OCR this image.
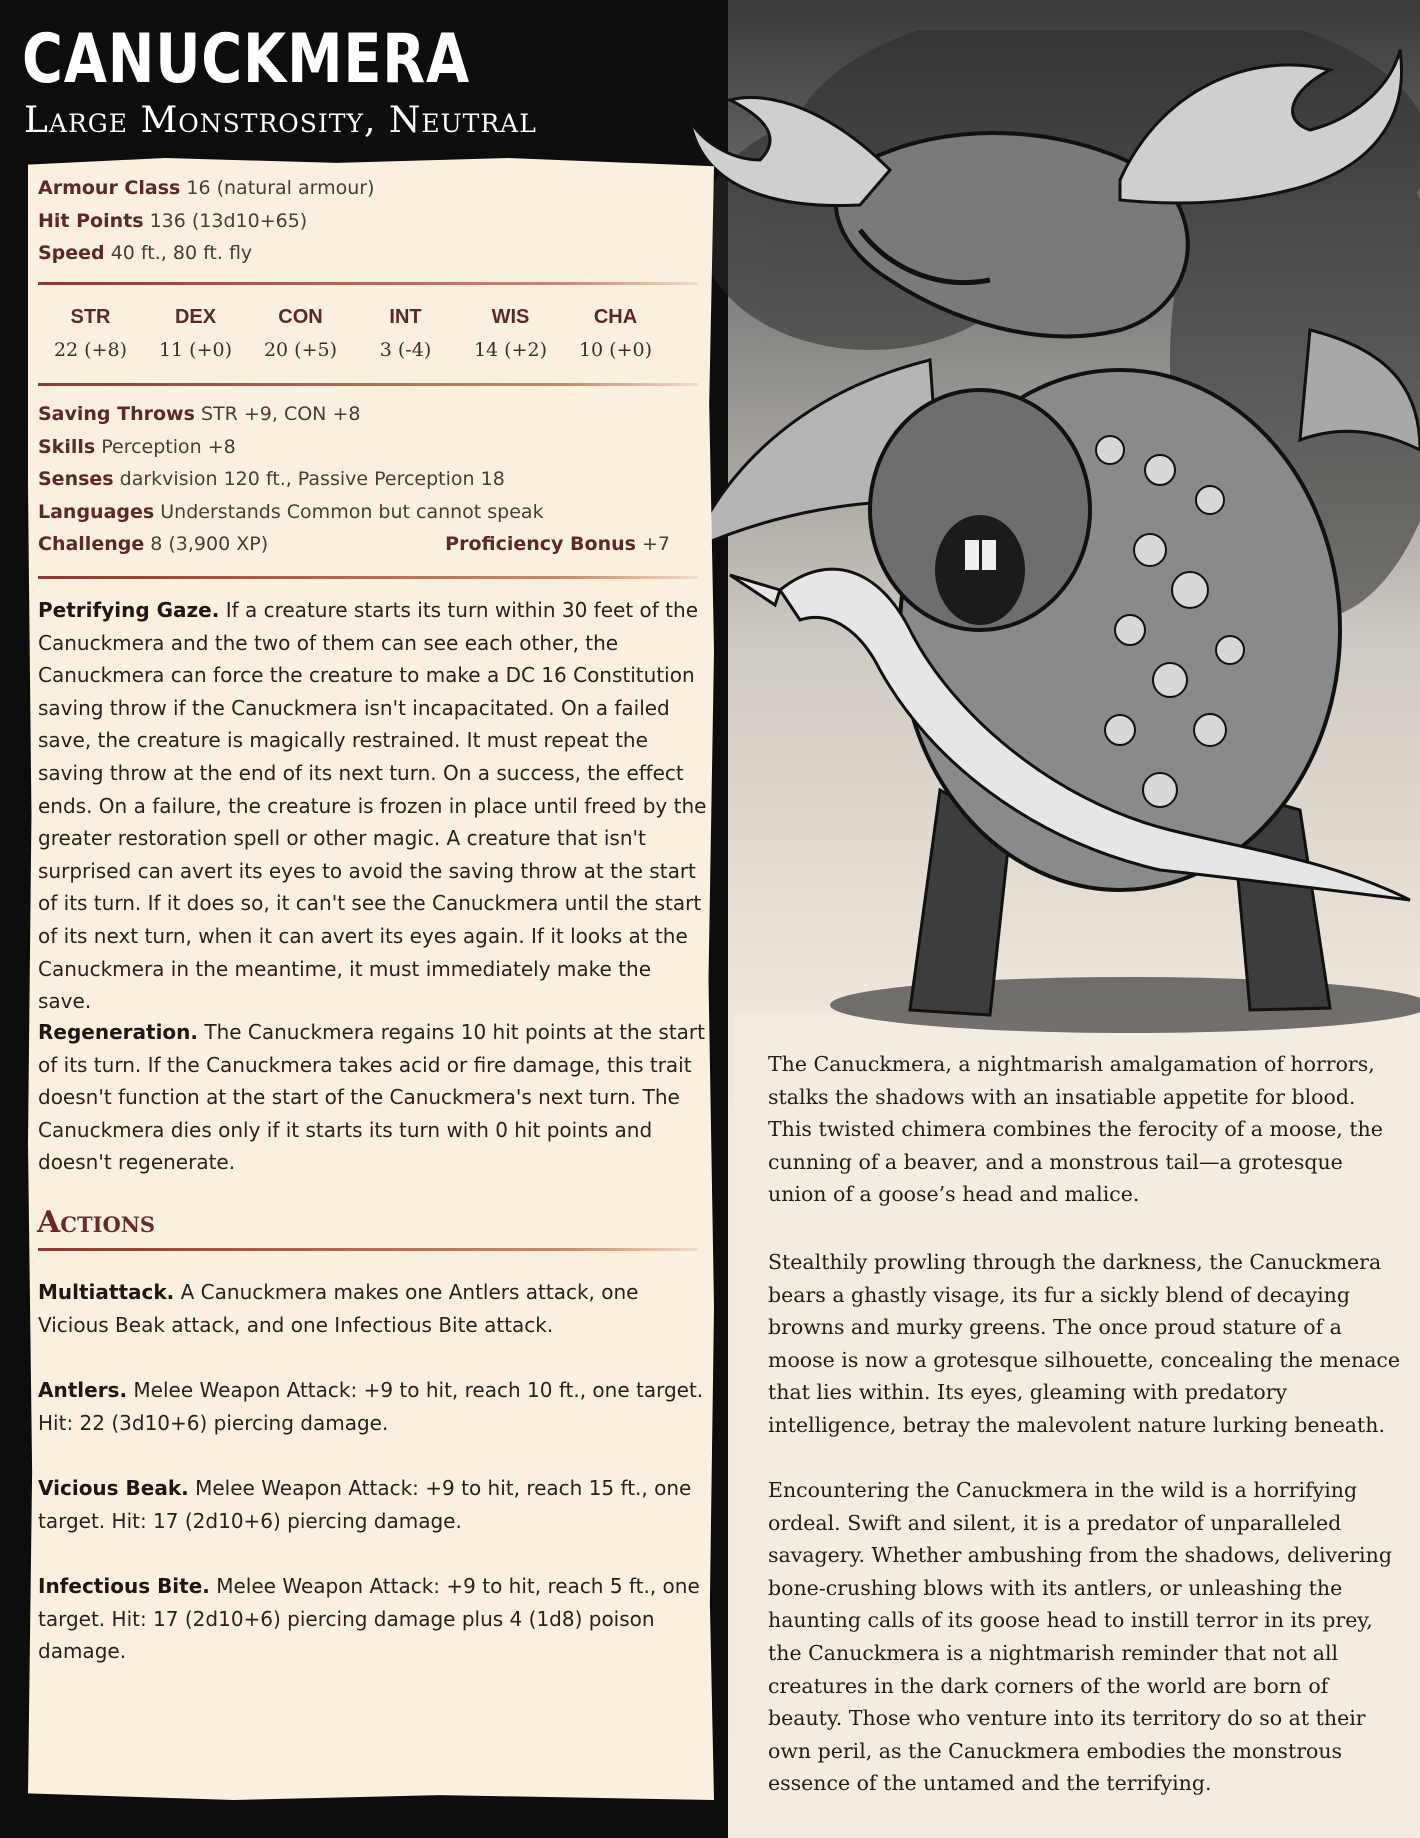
CANUCKMERA
Large Monstrosity, Neutral
Armour Class 16 (natural armour)
Hit Points 136 (13d10+65)
Speed 40 ft., 80 ft. fly
STR
22 (+8)
DEX
11 (+0)
CON
20 (+5)
INT
3 (-4)
WIS
14 (+2)
CHA
10 (+0)
Saving Throws STR +9, CON +8
Skills Perception +8
Senses darkvision 120 ft., Passive Perception 18
Languages Understands Common but cannot speak
Challenge 8 (3,900 XP)	Proficiency Bonus +7

Petrifying Gaze. If a creature starts its turn within 30 feet of the Canuckmera and the two of them can see each other, the Canuckmera can force the creature to make a DC 16 Constitution saving throw if the Canuckmera isn't incapacitated. On a failed save, the creature is magically restrained. It must repeat the saving throw at the end of its next turn. On a success, the effect ends. On a failure, the creature is frozen in place until freed by the greater restoration spell or other magic. A creature that isn't surprised can avert its eyes to avoid the saving throw at the start of its turn. If it does so, it can't see the Canuckmera until the start of its next turn, when it can avert its eyes again. If it looks at the Canuckmera in the meantime, it must immediately make the save.

Regeneration. The Canuckmera regains 10 hit points at the start of its turn. If the Canuckmera takes acid or fire damage, this trait doesn't function at the start of the Canuckmera's next turn. The Canuckmera dies only if it starts its turn with 0 hit points and doesn't regenerate.

Actions

Multiattack. A Canuckmera makes one Antlers attack, one Vicious Beak attack, and one Infectious Bite attack.

Antlers. Melee Weapon Attack: +9 to hit, reach 10 ft., one target. Hit: 22 (3d10+6) piercing damage.

Vicious Beak. Melee Weapon Attack: +9 to hit, reach 15 ft., one target. Hit: 17 (2d10+6) piercing damage.

Infectious Bite. Melee Weapon Attack: +9 to hit, reach 5 ft., one target. Hit: 17 (2d10+6) piercing damage plus 4 (1d8) poison damage.

The Canuckmera, a nightmarish amalgamation of horrors, stalks the shadows with an insatiable appetite for blood. This twisted chimera combines the ferocity of a moose, the cunning of a beaver, and a monstrous tail—a grotesque union of a goose’s head and malice.

Stealthily prowling through the darkness, the Canuckmera bears a ghastly visage, its fur a sickly blend of decaying browns and murky greens. The once proud stature of a moose is now a grotesque silhouette, concealing the menace that lies within. Its eyes, gleaming with predatory intelligence, betray the malevolent nature lurking beneath.

Encountering the Canuckmera in the wild is a horrifying ordeal. Swift and silent, it is a predator of unparalleled savagery. Whether ambushing from the shadows, delivering bone-crushing blows with its antlers, or unleashing the haunting calls of its goose head to instill terror in its prey, the Canuckmera is a nightmarish reminder that not all creatures in the dark corners of the world are born of beauty. Those who venture into its territory do so at their own peril, as the Canuckmera embodies the monstrous essence of the untamed and the terrifying.
